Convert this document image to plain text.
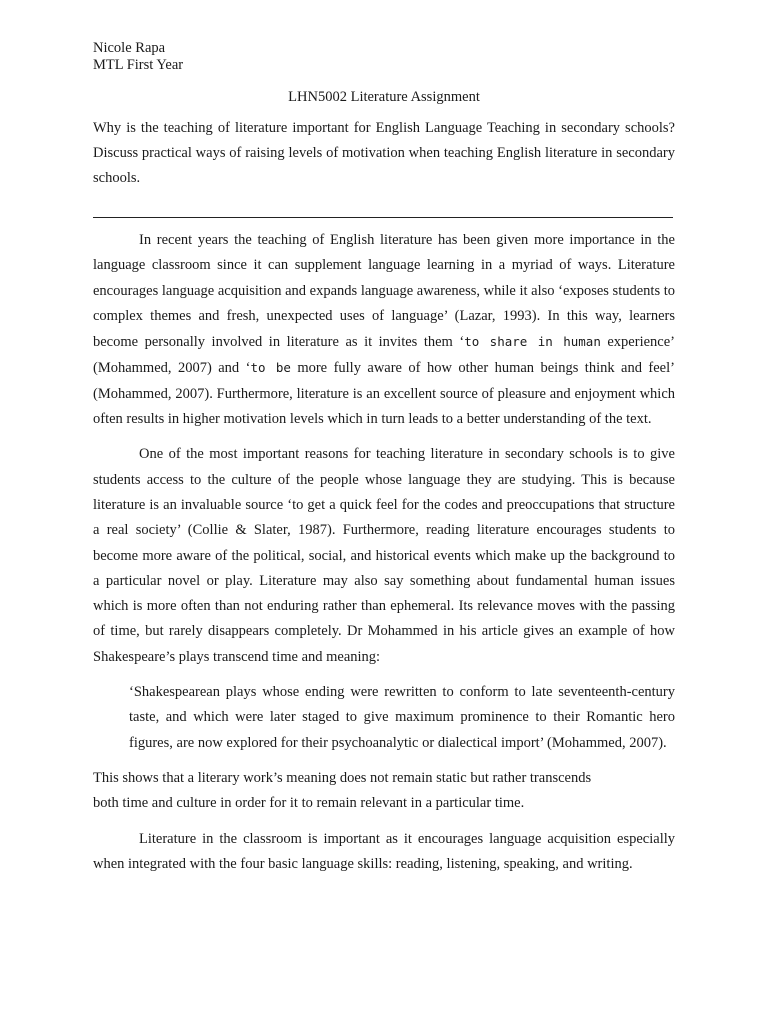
Nicole Rapa
MTL First Year
LHN5002 Literature Assignment
Why is the teaching of literature important for English Language Teaching in secondary schools? Discuss practical ways of raising levels of motivation when teaching English literature in secondary schools.

In recent years the teaching of English literature has been given more importance in the language classroom since it can supplement language learning in a myriad of ways. Literature encourages language acquisition and expands language awareness, while it also ‘exposes students to complex themes and fresh, unexpected uses of language’ (Lazar, 1993). In this way, learners become personally involved in literature as it invites them ‘to share in human experience’ (Mohammed, 2007) and ‘to be more fully aware of how other human beings think and feel’ (Mohammed, 2007). Furthermore, literature is an excellent source of pleasure and enjoyment which often results in higher motivation levels which in turn leads to a better understanding of the text.

One of the most important reasons for teaching literature in secondary schools is to give students access to the culture of the people whose language they are studying. This is because literature is an invaluable source ‘to get a quick feel for the codes and preoccupations that structure a real society’ (Collie & Slater, 1987). Furthermore, reading literature encourages students to become more aware of the political, social, and historical events which make up the background to a particular novel or play. Literature may also say something about fundamental human issues which is more often than not enduring rather than ephemeral. Its relevance moves with the passing of time, but rarely disappears completely. Dr Mohammed in his article gives an example of how Shakespeare’s plays transcend time and meaning:

‘Shakespearean plays whose ending were rewritten to conform to late seventeenth-century taste, and which were later staged to give maximum prominence to their Romantic hero figures, are now explored for their psychoanalytic or dialectical import’ (Mohammed, 2007).
This shows that a literary work’s meaning does not remain static but rather transcends
both time and culture in order for it to remain relevant in a particular time.

Literature in the classroom is important as it encourages language acquisition especially when integrated with the four basic language skills: reading, listening, speaking, and writing.
